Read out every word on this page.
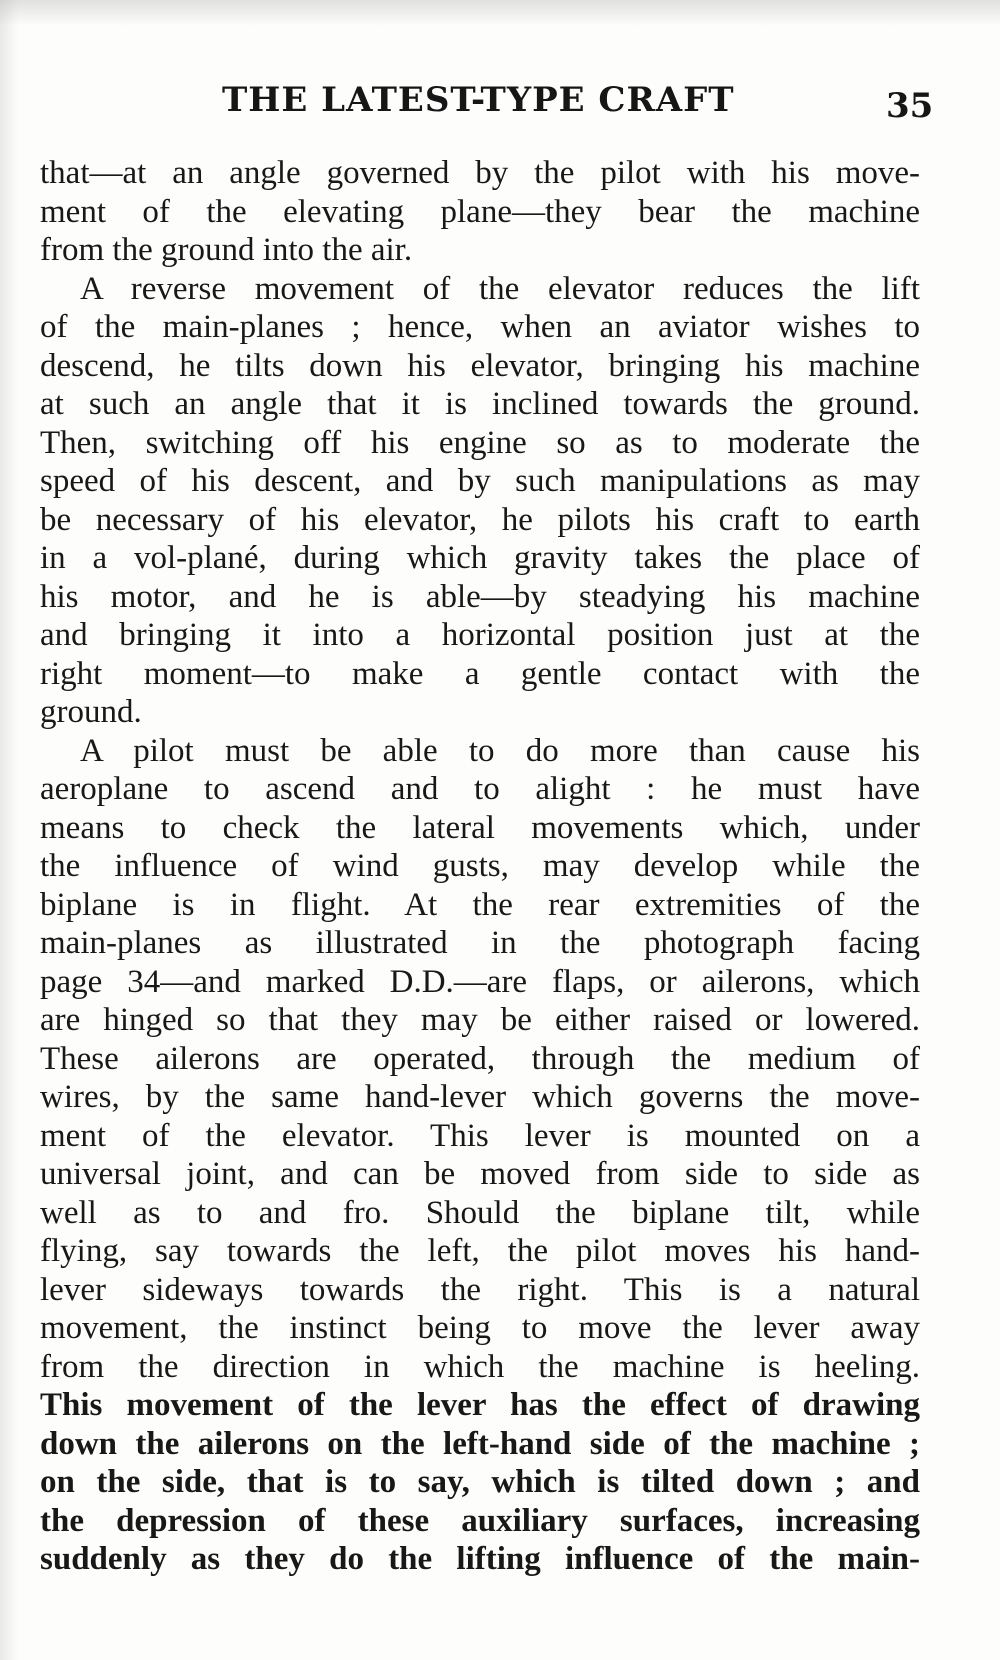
THE LATEST-TYPE CRAFT	35
that—at an angle governed by the pilot with his move-
ment of the elevating plane—they bear the machine
from the ground into the air.
A reverse movement of the elevator reduces the lift
of the main-planes ; hence, when an aviator wishes to
descend, he tilts down his elevator, bringing his machine
at such an angle that it is inclined towards the ground.
Then, switching off his engine so as to moderate the
speed of his descent, and by such manipulations as may
be necessary of his elevator, he pilots his craft to earth
in a vol-plané, during which gravity takes the place of
his motor, and he is able—by steadying his machine
and bringing it into a horizontal position just at the
right moment—to make a gentle contact with the
ground.
A pilot must be able to do more than cause his
aeroplane to ascend and to alight : he must have
means to check the lateral movements which, under
the influence of wind gusts, may develop while the
biplane is in flight. At the rear extremities of the
main-planes as illustrated in the photograph facing
page 34—and marked D.D.—are flaps, or ailerons, which
are hinged so that they may be either raised or lowered.
These ailerons are operated, through the medium of
wires, by the same hand-lever which governs the move-
ment of the elevator. This lever is mounted on a
universal joint, and can be moved from side to side as
well as to and fro. Should the biplane tilt, while
flying, say towards the left, the pilot moves his hand-
lever sideways towards the right. This is a natural
movement, the instinct being to move the lever away
from the direction in which the machine is heeling.
This movement of the lever has the effect of drawing
down the ailerons on the left-hand side of the machine ;
on the side, that is to say, which is tilted down ; and
the depression of these auxiliary surfaces, increasing
suddenly as they do the lifting influence of the main-
